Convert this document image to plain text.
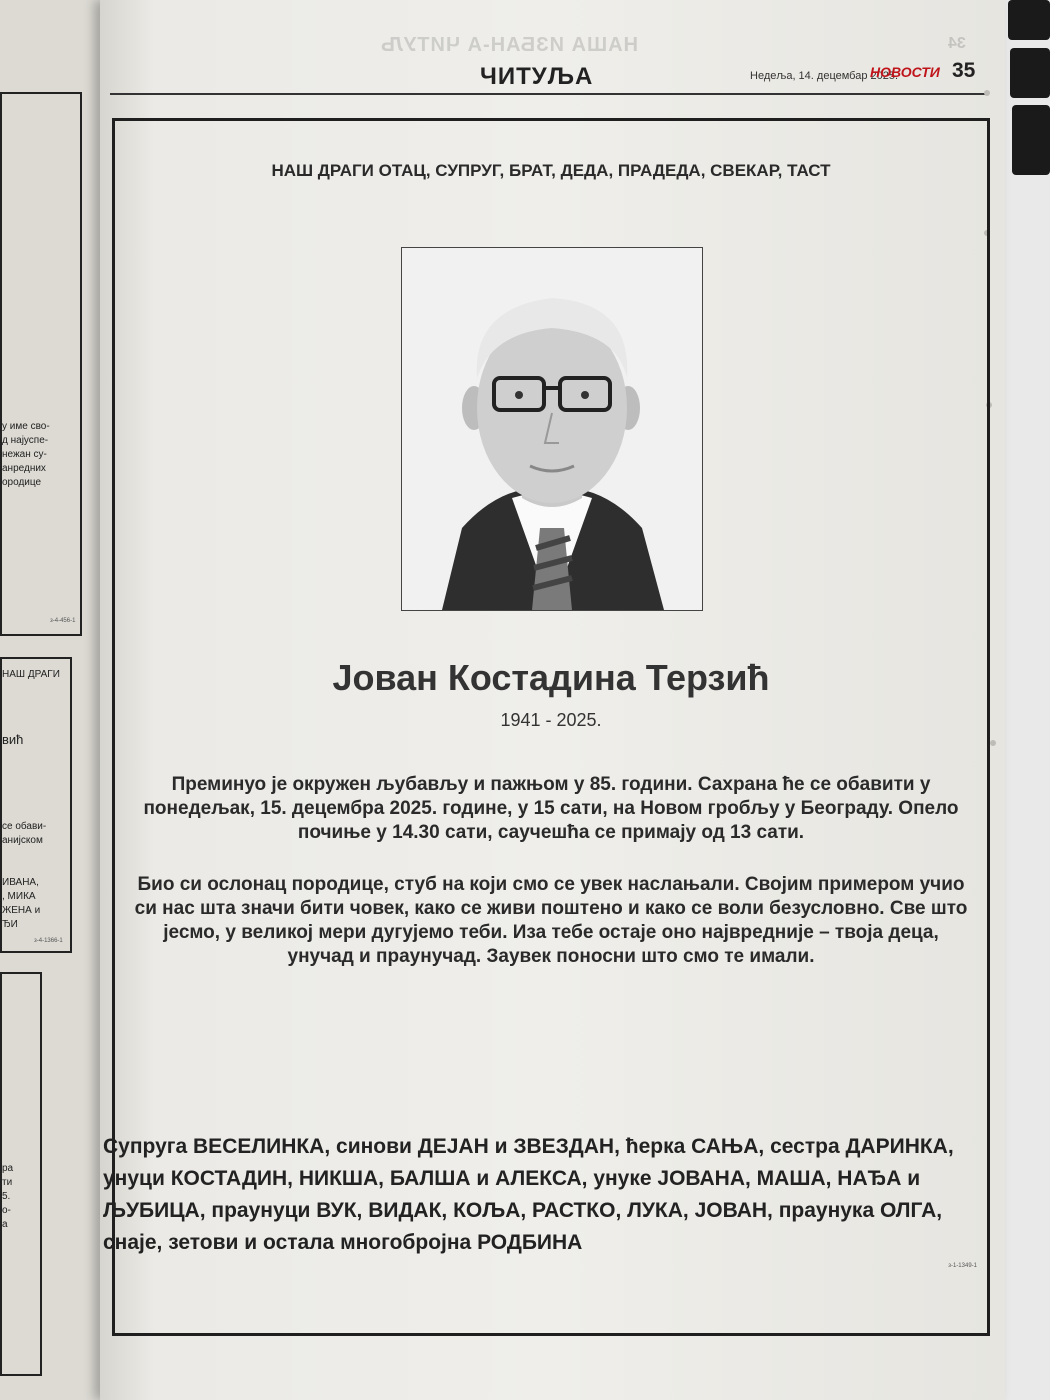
у име сво-
д најуспе-
нежан су-
анредних
ородице
з-4-456-1
НАШ ДРАГИ
вић
се обави-
анијском
ИВАНА,
, МИКА
ЖЕНА и
ЂИ
з-4-1366-1
ра
ти
5.
о-
а
НАША ИЗБАН-А ЧИТУЉ	34
ЧИТУЉА	Недеља, 14. децембар 2025.
НОВОСТИ 35
НАШ ДРАГИ ОТАЦ, СУПРУГ, БРАТ, ДЕДА, ПРАДЕДА, СВЕКАР, ТАСТ
Јован Костадина Терзић
1941 - 2025.
Преминуо је окружен љубављу и пажњом у 85. години. Сахрана ће се обавити у понедељак, 15. децембра 2025. године, у 15 сати, на Новом гробљу у Београду. Опело почиње у 14.30 сати, саучешћа се примају од 13 сати.
Био си ослонац породице, стуб на који смо се увек наслањали. Својим примером учио си нас шта значи бити човек, како се живи поштено и како се воли безусловно. Све што јесмо, у великој мери дугујемо теби. Иза тебе остаје оно највредније – твоја деца, унучад и праунучад. Заувек поносни што смо те имали.
Супруга ВЕСЕЛИНКА, синови ДЕЈАН и ЗВЕЗДАН, ћерка САЊА, сестра ДАРИНКА, унуци КОСТАДИН, НИКША, БАЛША и АЛЕКСА, унуке ЈОВАНА, МАША, НАЂА и ЉУБИЦА, праунуци ВУК, ВИДАК, КОЉА, РАСТКО, ЛУКА, ЈОВАН, праунука ОЛГА, снаје, зетови и остала многобројна РОДБИНА
з-1-1349-1
